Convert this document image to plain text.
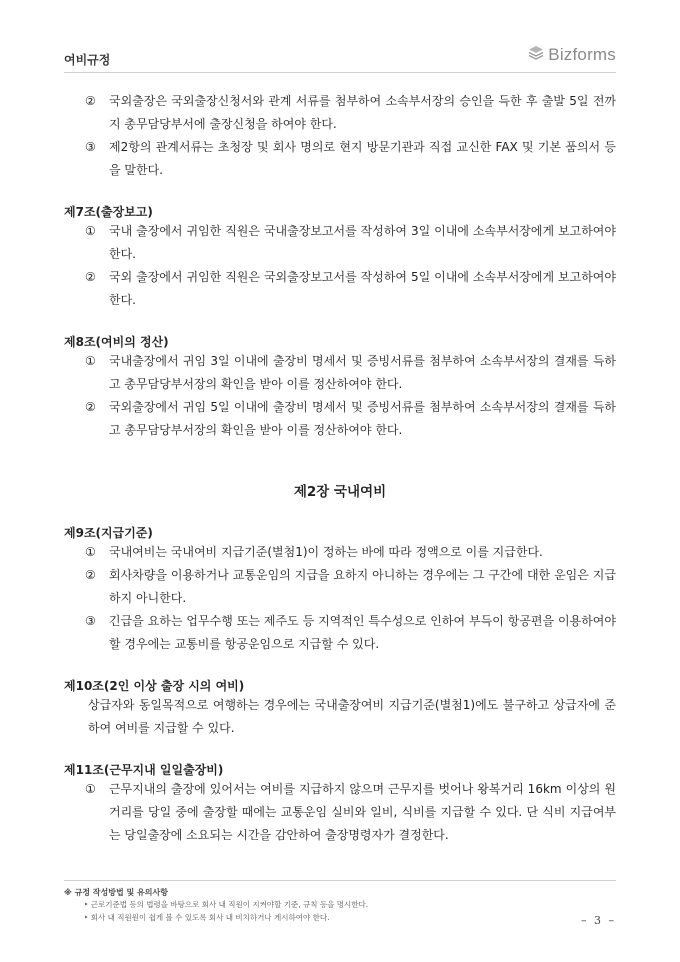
여비규정	Bizforms
②	국외출장은 국외출장신청서와 관계 서류를 첨부하여 소속부서장의 승인을 득한 후 출발 5일 전까지 총무담당부서에 출장신청을 하여야 한다.
③	제2항의 관계서류는 초청장 및 회사 명의로 현지 방문기관과 직접 교신한 FAX 및 기본 품의서 등을 말한다.

제7조(출장보고)

①	국내 출장에서 귀임한 직원은 국내출장보고서를 작성하여 3일 이내에 소속부서장에게 보고하여야 한다.
②	국외 출장에서 귀임한 직원은 국외출장보고서를 작성하여 5일 이내에 소속부서장에게 보고하여야 한다.

제8조(여비의 정산)

①	국내출장에서 귀임 3일 이내에 출장비 명세서 및 증빙서류를 첨부하여 소속부서장의 결재를 득하고 총무담당부서장의 확인을 받아 이를 정산하여야 한다.
②	국외출장에서 귀임 5일 이내에 출장비 명세서 및 증빙서류를 첨부하여 소속부서장의 결재를 득하고 총무담당부서장의 확인을 받아 이를 정산하여야 한다.

제2장 국내여비

제9조(지급기준)

①	국내여비는 국내여비 지급기준(별첨1)이 정하는 바에 따라 정액으로 이를 지급한다.
②	회사차량을 이용하거나 교통운임의 지급을 요하지 아니하는 경우에는 그 구간에 대한 운임은 지급하지 아니한다.
③	긴급을 요하는 업무수행 또는 제주도 등 지역적인 특수성으로 인하여 부득이 항공편을 이용하여야 할 경우에는 교통비를 항공운임으로 지급할 수 있다.

제10조(2인 이상 출장 시의 여비)

상급자와 동일목적으로 여행하는 경우에는 국내출장여비 지급기준(별첨1)에도 불구하고 상급자에 준하여 여비를 지급할 수 있다.

제11조(근무지내 일일출장비)

①	근무지내의 출장에 있어서는 여비를 지급하지 않으며 근무지를 벗어나 왕복거리 16km 이상의 원거리를 당일 중에 출장할 때에는 교통운임 실비와 일비, 식비를 지급할 수 있다. 단 식비 지급여부는 당일출장에 소요되는 시간을 감안하여 출장명령자가 결정한다.
※ 규정 작성방법 및 유의사항
‣ 근로기준법 등의 법령을 바탕으로 회사 내 직원이 지켜야할 기준, 규칙 등을 명시한다.
‣ 회사 내 직원원이 쉽게 볼 수 있도록 회사 내 비치하거나 게시하여야 한다.	– 3 –
